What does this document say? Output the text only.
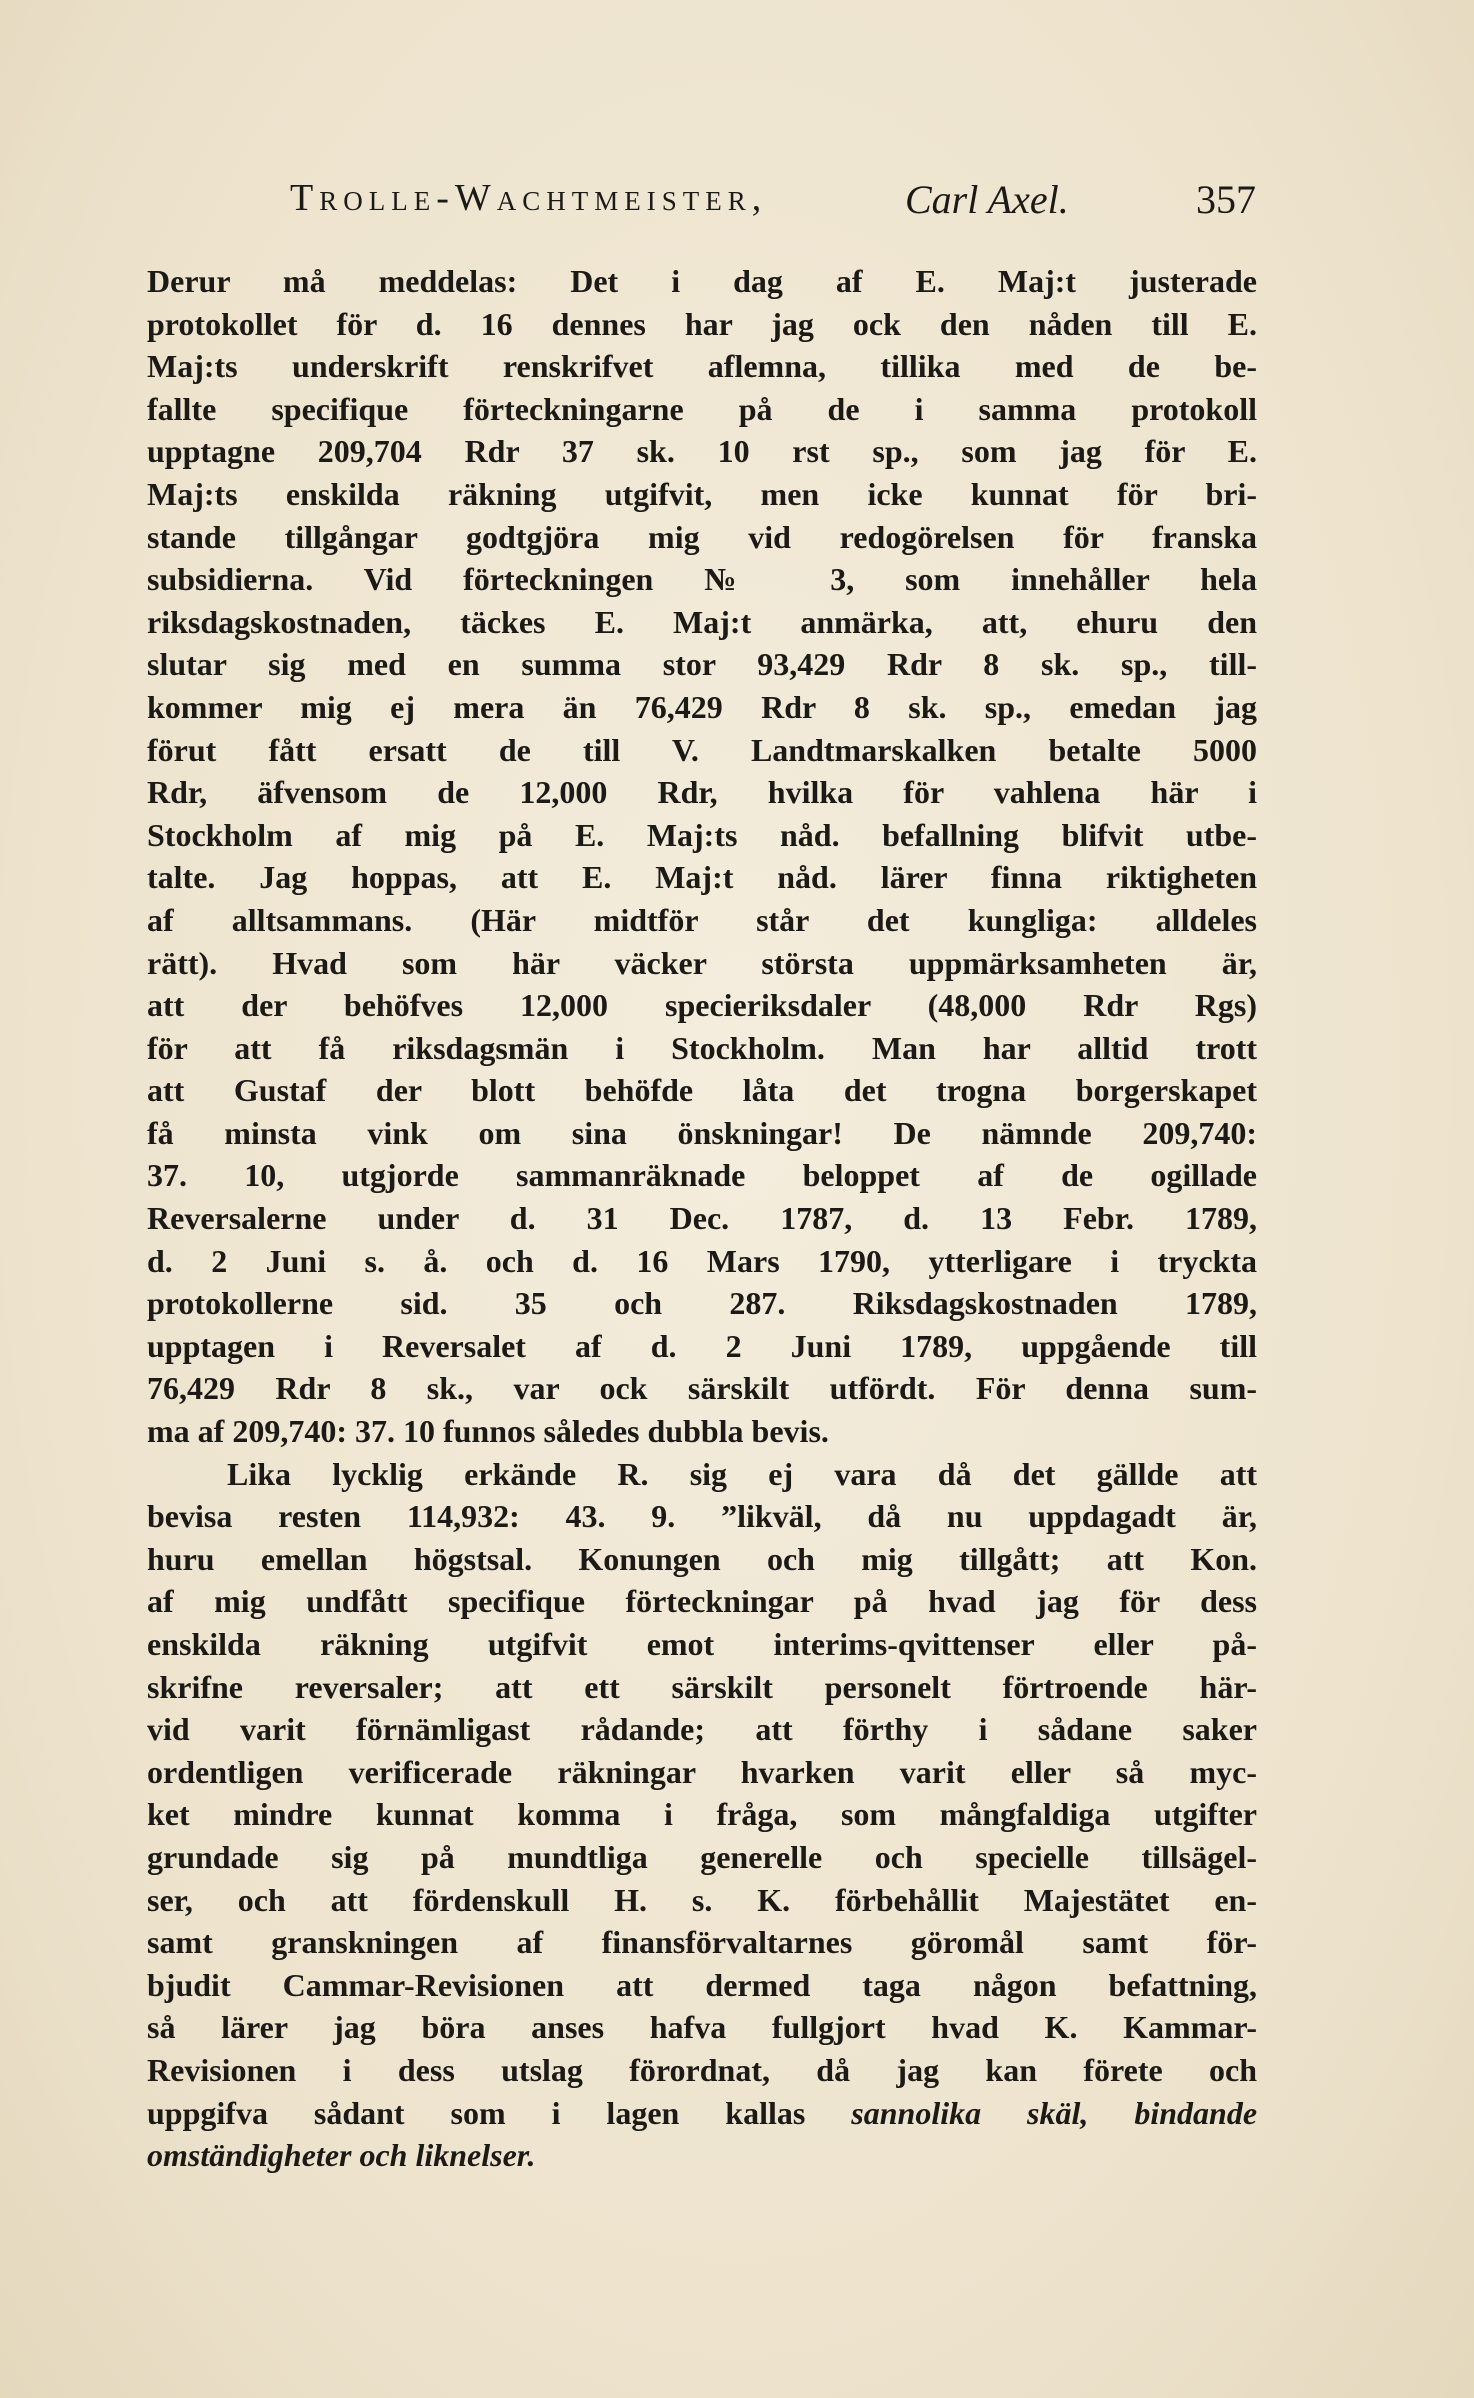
Trolle-Wachtmeister,	Carl Axel.	357
Derur må meddelas: Det i dag af E. Maj:t justerade
protokollet för d. 16 dennes har jag ock den nåden till E.
Maj:ts underskrift renskrifvet aflemna, tillika med de be-
fallte specifique förteckningarne på de i samma protokoll
upptagne 209,704 Rdr 37 sk. 10 rst sp., som jag för E.
Maj:ts enskilda räkning utgifvit, men icke kunnat för bri-
stande tillgångar godtgjöra mig vid redogörelsen för franska
subsidierna. Vid förteckningen № 3, som innehåller hela
riksdagskostnaden, täckes E. Maj:t anmärka, att, ehuru den
slutar sig med en summa stor 93,429 Rdr 8 sk. sp., till-
kommer mig ej mera än 76,429 Rdr 8 sk. sp., emedan jag
förut fått ersatt de till V. Landtmarskalken betalte 5000
Rdr, äfvensom de 12,000 Rdr, hvilka för vahlena här i
Stockholm af mig på E. Maj:ts nåd. befallning blifvit utbe-
talte. Jag hoppas, att E. Maj:t nåd. lärer finna riktigheten
af alltsammans. (Här midtför står det kungliga: alldeles
rätt). Hvad som här väcker största uppmärksamheten är,
att der behöfves 12,000 specieriksdaler (48,000 Rdr Rgs)
för att få riksdagsmän i Stockholm. Man har alltid trott
att Gustaf der blott behöfde låta det trogna borgerskapet
få minsta vink om sina önskningar! De nämnde 209,740:
37. 10, utgjorde sammanräknade beloppet af de ogillade
Reversalerne under d. 31 Dec. 1787, d. 13 Febr. 1789,
d. 2 Juni s. å. och d. 16 Mars 1790, ytterligare i tryckta
protokollerne sid. 35 och 287. Riksdagskostnaden 1789,
upptagen i Reversalet af d. 2 Juni 1789, uppgående till
76,429 Rdr 8 sk., var ock särskilt utfördt. För denna sum-
ma af 209,740: 37. 10 funnos således dubbla bevis.
Lika lycklig erkände R. sig ej vara då det gällde att
bevisa resten 114,932: 43. 9. ”likväl, då nu uppdagadt är,
huru emellan högstsal. Konungen och mig tillgått; att Kon.
af mig undfått specifique förteckningar på hvad jag för dess
enskilda räkning utgifvit emot interims-qvittenser eller på-
skrifne reversaler; att ett särskilt personelt förtroende här-
vid varit förnämligast rådande; att förthy i sådane saker
ordentligen verificerade räkningar hvarken varit eller så myc-
ket mindre kunnat komma i fråga, som mångfaldiga utgifter
grundade sig på mundtliga generelle och specielle tillsägel-
ser, och att fördenskull H. s. K. förbehållit Majestätet en-
samt granskningen af finansförvaltarnes göromål samt för-
bjudit Cammar-Revisionen att dermed taga någon befattning,
så lärer jag böra anses hafva fullgjort hvad K. Kammar-
Revisionen i dess utslag förordnat, då jag kan förete och
uppgifva sådant som i lagen kallas sannolika skäl, bindande
omständigheter och liknelser.
